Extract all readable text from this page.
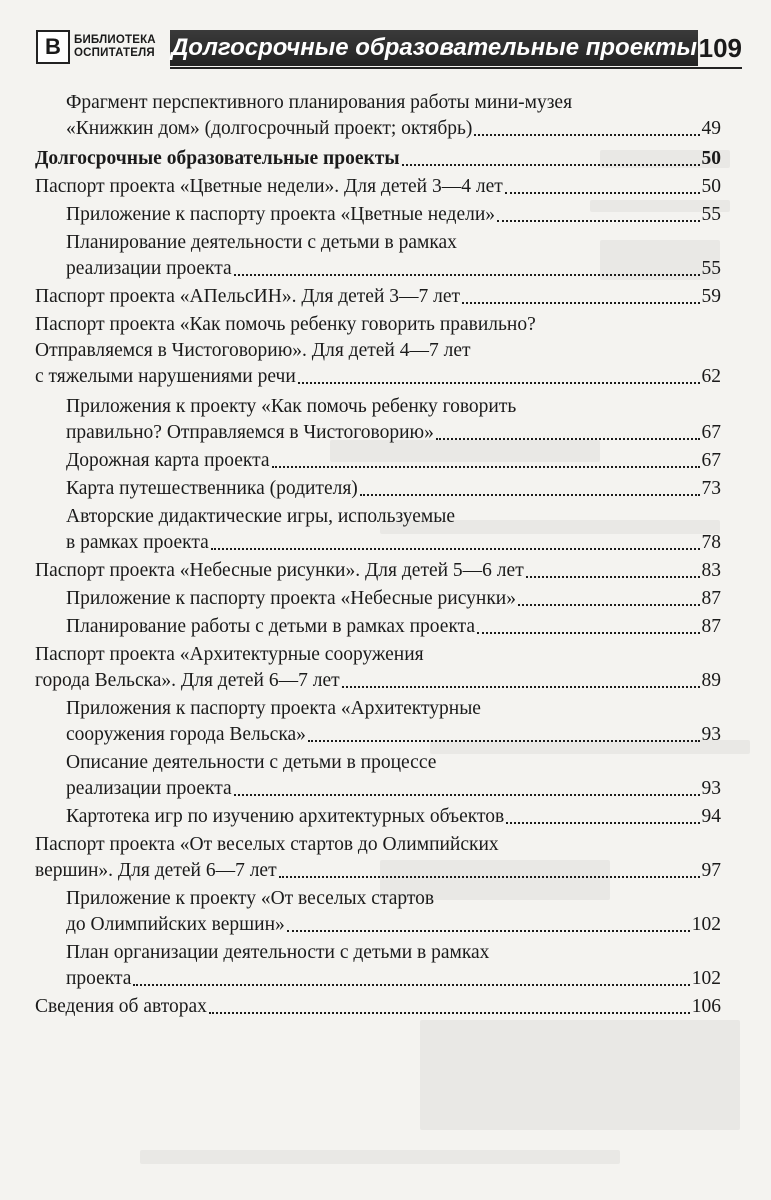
В	БИБЛИОТЕКА
ОСПИТАТЕЛЯ Долгосрочные образовательные проекты 109
Фрагмент перспективного планирования работы мини-музея
«Книжкин дом» (долгосрочный проект; октябрь)	49
Долгосрочные образовательные проекты	50
Паспорт проекта «Цветные недели». Для детей 3—4 лет	50
Приложение к паспорту проекта «Цветные недели»	55
Планирование деятельности с детьми в рамках
реализации проекта	55
Паспорт проекта «АПельсИН». Для детей 3—7 лет	59
Паспорт проекта «Как помочь ребенку говорить правильно?
Отправляемся в Чистоговорию». Для детей 4—7 лет
с тяжелыми нарушениями речи	62
Приложения к проекту «Как помочь ребенку говорить
правильно? Отправляемся в Чистоговорию»	67
Дорожная карта проекта	67
Карта путешественника (родителя)	73
Авторские дидактические игры, используемые
в рамках проекта	78
Паспорт проекта «Небесные рисунки». Для детей 5—6 лет	83
Приложение к паспорту проекта «Небесные рисунки»	87
Планирование работы с детьми в рамках проекта	87
Паспорт проекта «Архитектурные сооружения
города Вельска». Для детей 6—7 лет	89
Приложения к паспорту проекта «Архитектурные
сооружения города Вельска»	93
Описание деятельности с детьми в процессе
реализации проекта	93
Картотека игр по изучению архитектурных объектов	94
Паспорт проекта «От веселых стартов до Олимпийских
вершин». Для детей 6—7 лет	97
Приложение к проекту «От веселых стартов
до Олимпийских вершин»	102
План организации деятельности с детьми в рамках
проекта	102
Сведения об авторах	106
